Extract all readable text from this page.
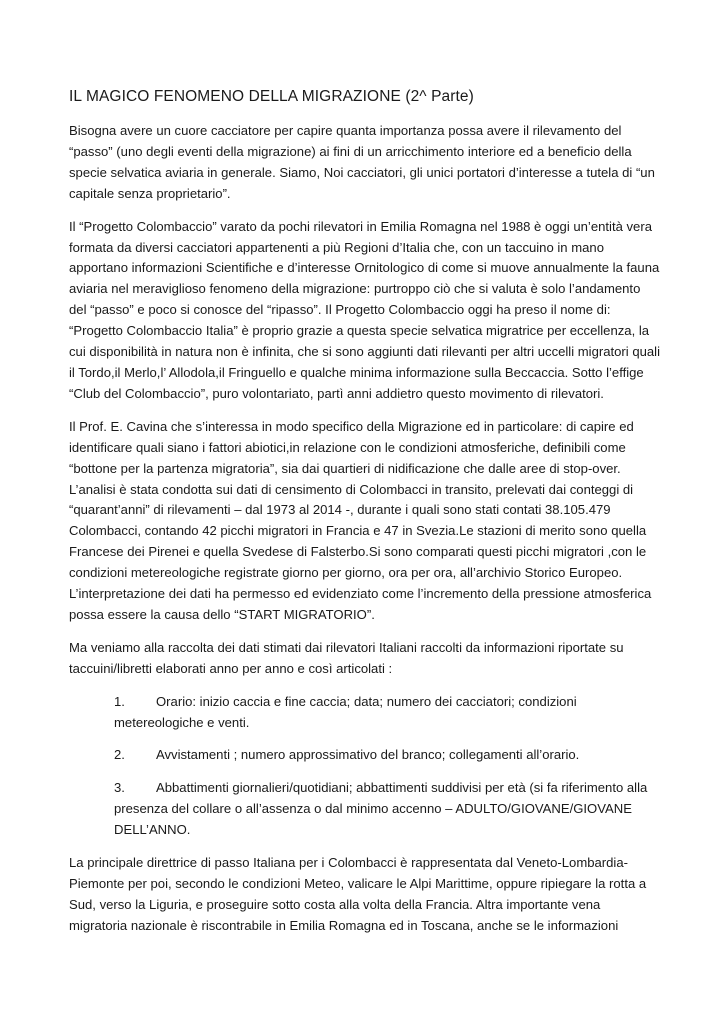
IL MAGICO FENOMENO DELLA MIGRAZIONE (2^ Parte)

Bisogna avere un cuore cacciatore per capire quanta importanza possa avere il rilevamento del “passo” (uno degli eventi della migrazione) ai fini di un arricchimento interiore ed a beneficio della specie selvatica aviaria in generale. Siamo, Noi cacciatori, gli unici portatori d’interesse a tutela di “un capitale senza proprietario”.

Il “Progetto Colombaccio” varato da pochi rilevatori in Emilia Romagna nel 1988 è oggi un’entità vera formata da diversi cacciatori appartenenti a più Regioni d’Italia che, con un taccuino in mano apportano informazioni Scientifiche e d’interesse Ornitologico di come si muove annualmente la fauna aviaria nel meraviglioso fenomeno della migrazione: purtroppo ciò che si valuta è solo l’andamento del “passo” e poco si conosce del “ripasso”. Il Progetto Colombaccio oggi ha preso il nome di: “Progetto Colombaccio Italia” è proprio grazie a questa specie selvatica migratrice per eccellenza, la cui disponibilità in natura non è infinita, che si sono aggiunti dati rilevanti per altri uccelli migratori quali il Tordo,il Merlo,l’ Allodola,il Fringuello e qualche minima informazione sulla Beccaccia. Sotto l’effige “Club del Colombaccio”, puro volontariato, partì anni addietro questo movimento di rilevatori.

Il Prof. E. Cavina che s’interessa in modo specifico della Migrazione ed in particolare: di capire ed identificare quali siano i fattori abiotici,in relazione con le condizioni atmosferiche, definibili come “bottone per la partenza migratoria”, sia dai quartieri di nidificazione che dalle aree di stop-over. L’analisi è stata condotta sui dati di censimento di Colombacci in transito, prelevati dai conteggi di “quarant’anni” di rilevamenti – dal 1973 al 2014 -, durante i quali sono stati contati 38.105.479 Colombacci, contando 42 picchi migratori in Francia e 47 in Svezia.Le stazioni di merito sono quella Francese dei Pirenei e quella Svedese di Falsterbo.Si sono comparati questi picchi migratori ,con le condizioni metereologiche registrate giorno per giorno, ora per ora, all’archivio Storico Europeo. L’interpretazione dei dati ha permesso ed evidenziato come l’incremento della pressione atmosferica possa essere la causa dello “START MIGRATORIO”.

Ma veniamo alla raccolta dei dati stimati dai rilevatori Italiani raccolti da informazioni riportate su taccuini/libretti elaborati anno per anno e così articolati :

1. Orario: inizio caccia e fine caccia; data; numero dei cacciatori; condizioni metereologiche e venti.
2. Avvistamenti ; numero approssimativo del branco; collegamenti all’orario.
3. Abbattimenti giornalieri/quotidiani; abbattimenti suddivisi per età (si fa riferimento alla presenza del collare o all’assenza o dal minimo accenno – ADULTO/GIOVANE/GIOVANE DELL’ANNO.

La principale direttrice di passo Italiana per i Colombacci è rappresentata dal Veneto-Lombardia-Piemonte per poi, secondo le condizioni Meteo, valicare le Alpi Marittime, oppure ripiegare la rotta a Sud, verso la Liguria, e proseguire sotto costa alla volta della Francia. Altra importante vena migratoria nazionale è riscontrabile in Emilia Romagna ed in Toscana, anche se le informazioni
